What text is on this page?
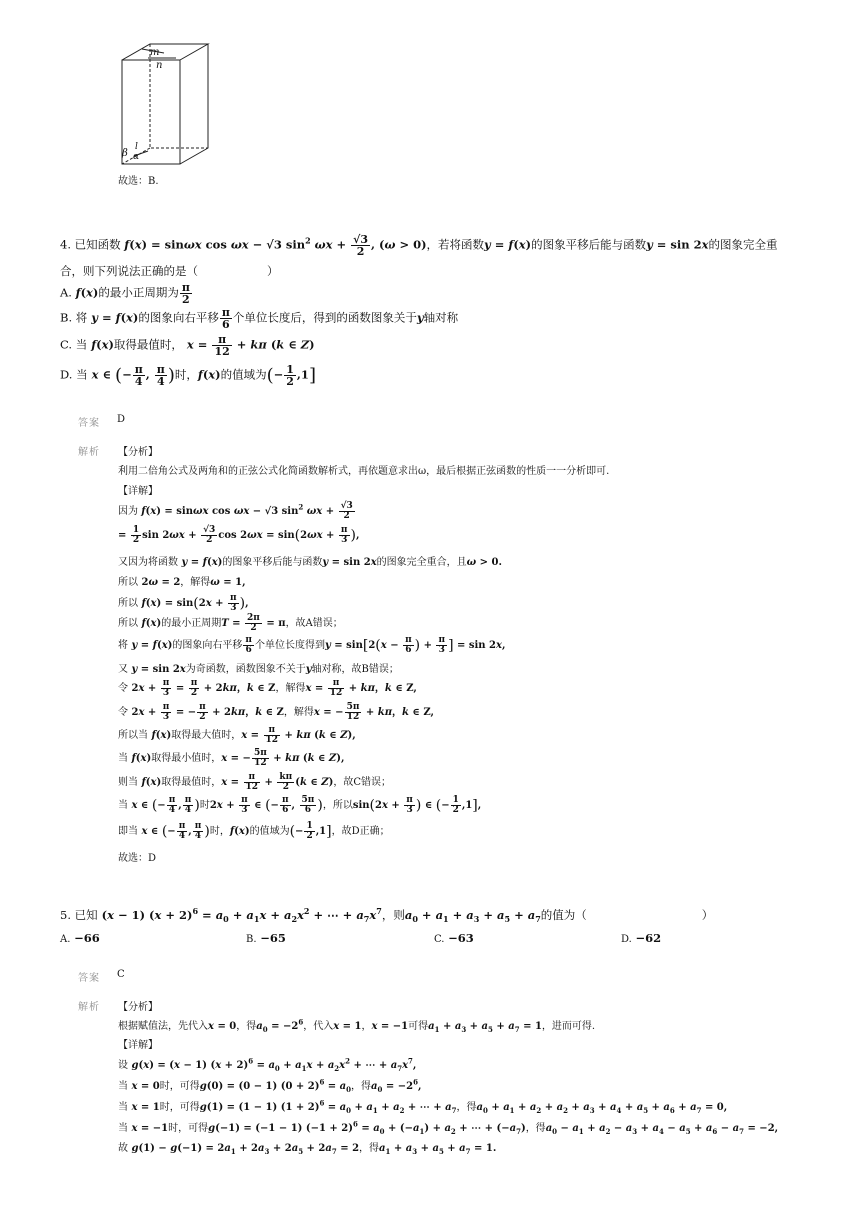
m
n
l
β α
故选：B.
4. 已知函数 f(x) = sinωx cos ωx − √3 $\sin^2 \omega x + \frac{√3}{2}$ , (ω > 0)，若将函数y = f(x)的图象平移后能与函数y = sin 2x的图象完全重
合，则下列说法正确的是（　　　　　　）
A. f(x)的最小正周期为 $\frac{\pi}{2}$
B. 将 y = f(x)的图象向右平移 $\frac{\pi}{6}$ 个单位长度后，得到的函数图象关于y轴对称
C. 当 f(x)取得最值时， $x = \frac{\pi}{12} + k\pi$ (k ∈ Z)
D. 当 x ∈ (− $\frac{\pi}{4}$ , $\frac{\pi}{4}$ )时，f(x)的值域为(− $\frac{1}{2} ,1$]
答案 D
解析 【分析】
利用二倍角公式及两角和的正弦公式化简函数解析式，再依题意求出ω，最后根据正弦函数的性质一一分析即可.
【详解】
因为 f(x) = sinωx cos ωx − √3 $\sin^2 \omega x + \frac{√3}{2}$
= $\frac{1}{2}$ $\sin 2\omega x + \frac{√3}{2}$ $\cos 2\omega x = \sin(2\omega x + \frac{\pi}{3}$ ),
又因为将函数 y = f(x)的图象平移后能与函数y = sin 2x的图象完全重合，且ω > 0.
所以 2ω = 2，解得ω = 1,
所以 $f(x) = \sin(2x + \frac{\pi}{3}$ ),
所以 f(x)的最小正周期$T = \frac{2\pi}{2} = \pi$，故A错误；
将 y = f(x)的图象向右平移 $\frac{\pi}{6}$ 个单位长度得到$y = \sin[2(x - \frac{\pi}{6}$ ) + $\frac{\pi}{3}$ ] = sin 2x,
又 y = sin 2x为奇函数，函数图象不关于y轴对称，故B错误；
令 $2x + \frac{\pi}{3} = \frac{\pi}{2} + 2k\pi$，k ∈ Z，解得$x = \frac{\pi}{12} + k\pi$，k ∈ Z,
令 $2x + \frac{\pi}{3}$ = − $\frac{\pi}{2} + 2k\pi$，k ∈ Z，解得x = − $\frac{5\pi}{12} + k\pi$，k ∈ Z,
所以当 f(x)取得最大值时，$x = \frac{\pi}{12} + k\pi$ (k ∈ Z),
当 f(x)取得最小值时，x = − $\frac{5\pi}{12} + k\pi$ (k ∈ Z),
则当 f(x)取得最值时，$x = \frac{\pi}{12} + \frac{k\pi}{2} (k$ ∈ Z)，故C错误；
当 x ∈ (− $\frac{\pi}{4}$ , $\frac{\pi}{4}$ )时$2x + \frac{\pi}{3}$ ∈ (− $\frac{\pi}{6}$ , $\frac{5\pi}{6}$ )，所以$\sin(2x + \frac{\pi}{3}$ ) ∈ (− $\frac{1}{2} ,1$],
即当 x ∈ (− $\frac{\pi}{4}$ , $\frac{\pi}{4}$ )时，f(x)的值域为(− $\frac{1}{2} ,1$]，故D正确；
故选：D
5. 已知 (x − 1) $(x + 2)^6 = a_0 + a_1x + a_2x^2$ + ⋯ + $a_7x^7$，则$a_0 + a_1 + a_3 + a_5 + a_7$的值为（　　　　　　　　　　）
A. −66	B. −65	C. −63	D. −62
答案 C
解析 【分析】
根据赋值法，先代入x = 0，得$a_0 = -2^6$，代入x = 1，x = −1可得$a_1 + a_3 + a_5 + a_7 = 1$，进而可得.
【详解】
设 g(x) = (x − 1) $(x + 2)^6 = a_0 + a_1x + a_2x^2$ + ⋯ + $a_7x^7$,
当 x = 0时，可得g(0) = (0 − 1) $(0 + 2)^6 = a_0$，得$a_0 = -2^6$,
当 x = 1时，可得g(1) = (1 − 1) $(1 + 2)^6 = a_0 + a_1 + a_2$ + ⋯ + $a_7$，得$a_0 + a_1 + a_2 + a_2 + a_3 + a_4 + a_5 + a_6 + a_7 = 0$,
当 x = −1时，可得g(−1) = (−1 − 1) $(-1 + 2)^6 = a_0 + (-a_1) + a_2$ + ⋯ + $(-a_7)$，得$a_0 - a_1 + a_2 - a_3 + a_4 - a_5 + a_6 - a_7 = -2$,
故 $g(1) - g(-1) = 2a_1 + 2a_3 + 2a_5 + 2a_7 = 2$，得$a_1 + a_3 + a_5 + a_7 = 1$.
